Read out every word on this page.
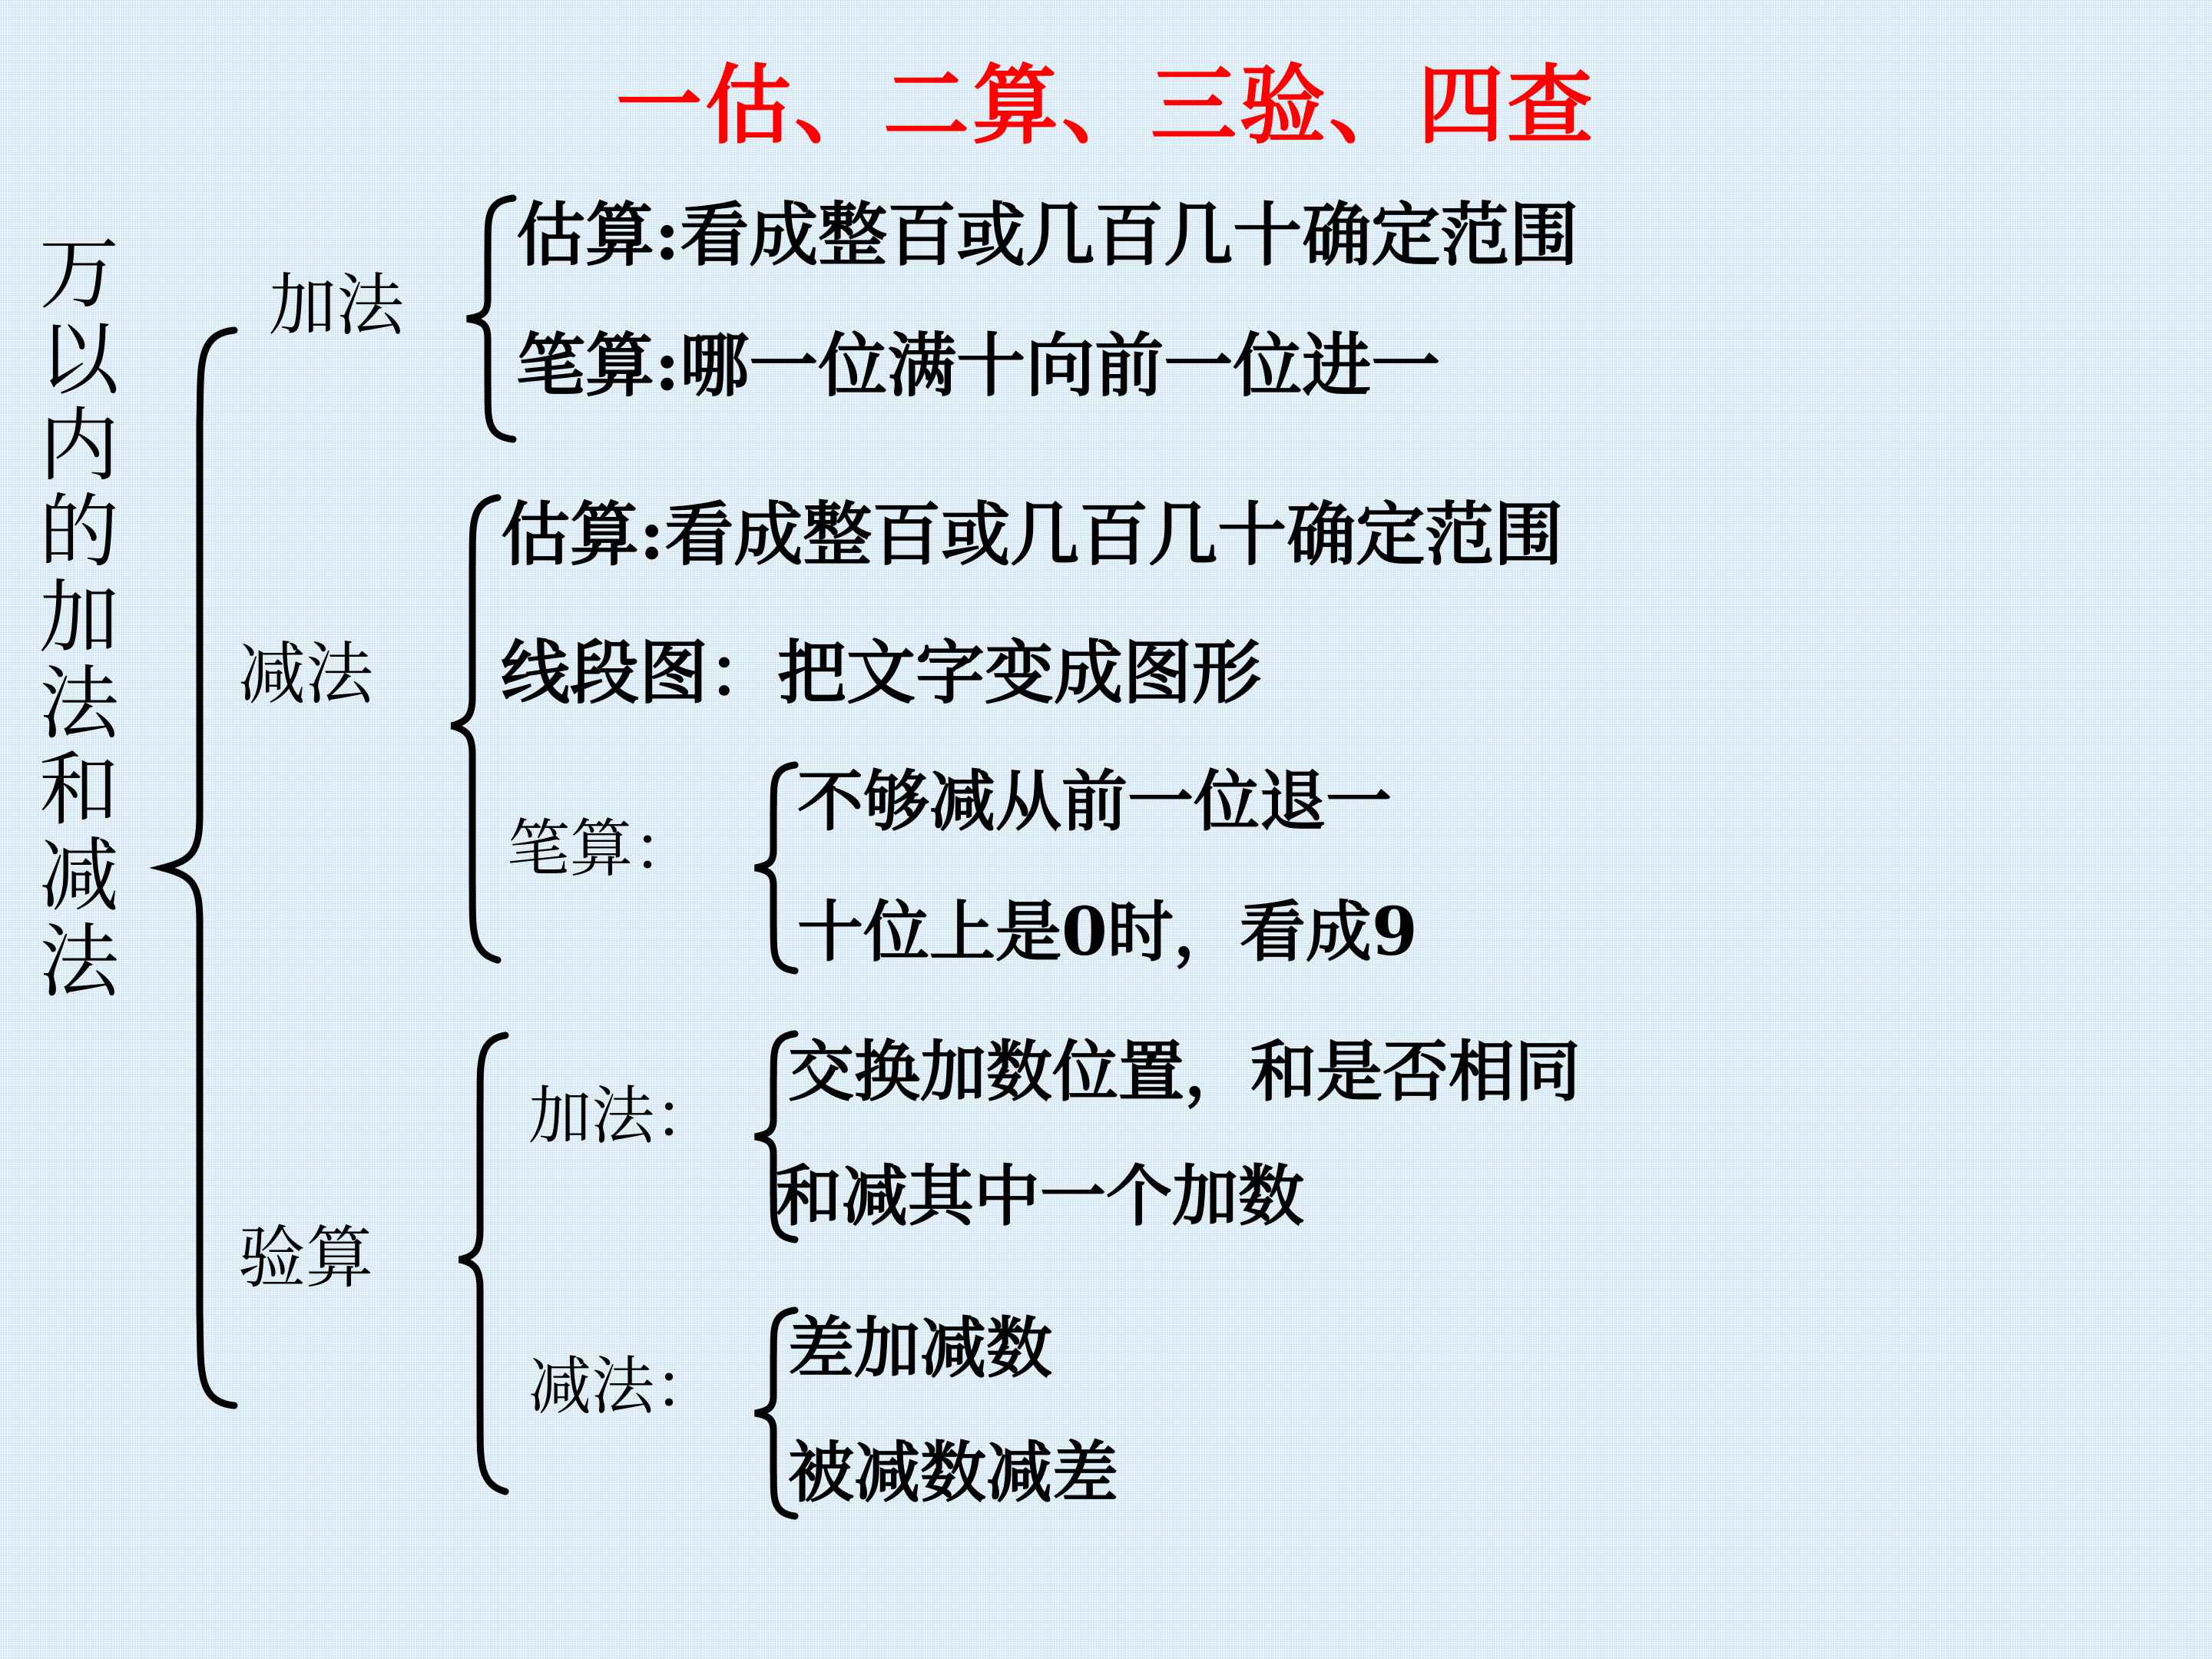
一估、二算、三验、四查
万
以
内
的
加
法
和
减
法
加法
估算:看成整百或几百几十确定范围
笔算:哪一位满十向前一位进一
减法
估算:看成整百或几百几十确定范围
线段图：把文字变成图形
笔算：
不够减从前一位退一
十位上是0时，看成9
验算
加法：
交换加数位置，和是否相同
和减其中一个加数
减法： 差加减数
被减数减差
